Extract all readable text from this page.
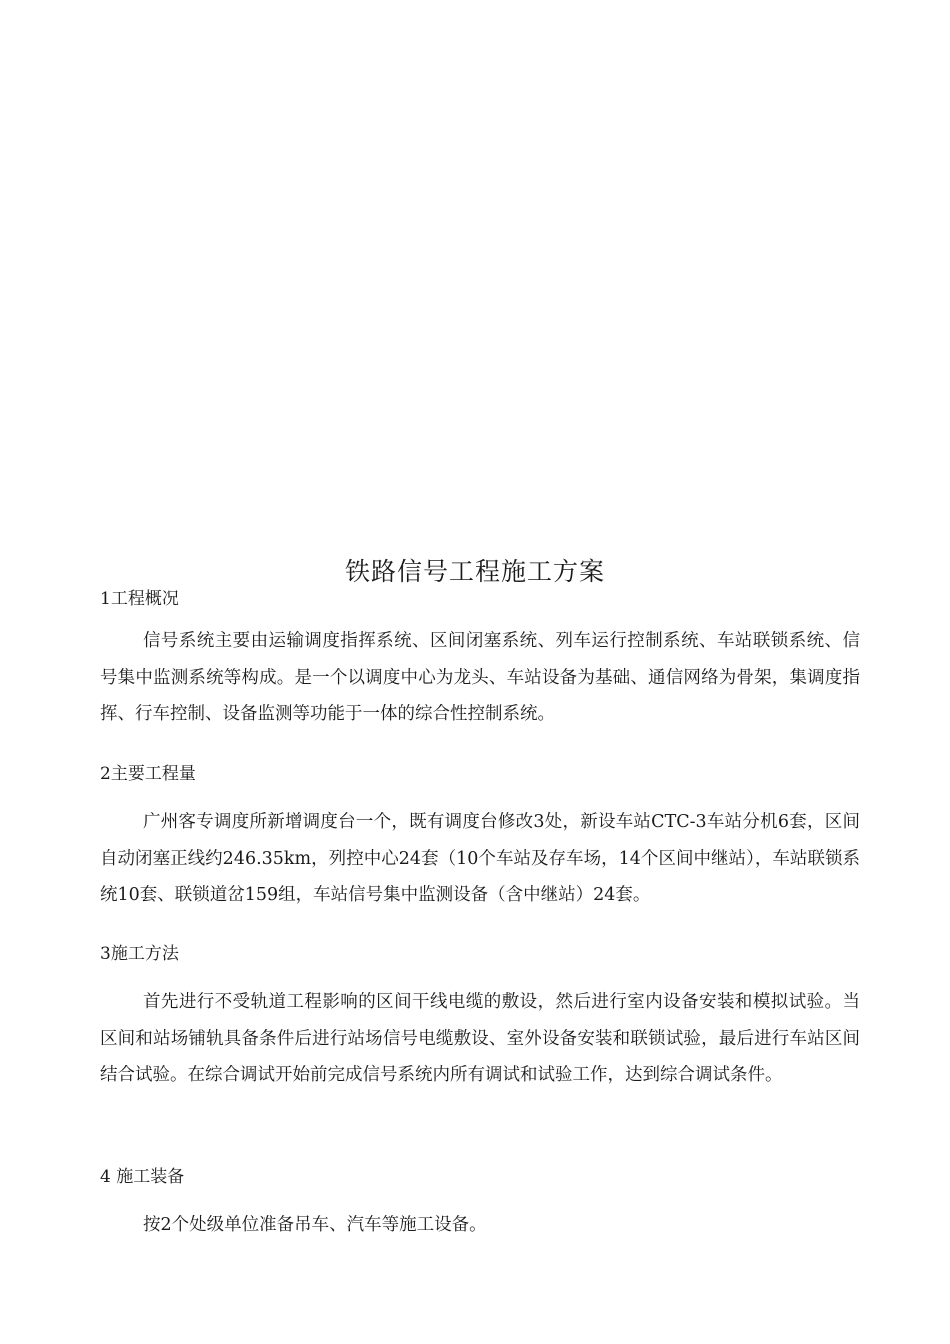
铁路信号工程施工方案
1工程概况
信号系统主要由运输调度指挥系统、区间闭塞系统、列车运行控制系统、车站联锁系统、信号集中监测系统等构成。是一个以调度中心为龙头、车站设备为基础、通信网络为骨架，集调度指挥、行车控制、设备监测等功能于一体的综合性控制系统。
2主要工程量
广州客专调度所新增调度台一个，既有调度台修改3处，新设车站CTC-3车站分机6套，区间自动闭塞正线约246.35km，列控中心24套（10个车站及存车场，14个区间中继站），车站联锁系统10套、联锁道岔159组，车站信号集中监测设备（含中继站）24套。
3施工方法
首先进行不受轨道工程影响的区间干线电缆的敷设，然后进行室内设备安装和模拟试验。当区间和站场铺轨具备条件后进行站场信号电缆敷设、室外设备安装和联锁试验，最后进行车站区间结合试验。在综合调试开始前完成信号系统内所有调试和试验工作，达到综合调试条件。
4 施工装备
按2个处级单位准备吊车、汽车等施工设备。
